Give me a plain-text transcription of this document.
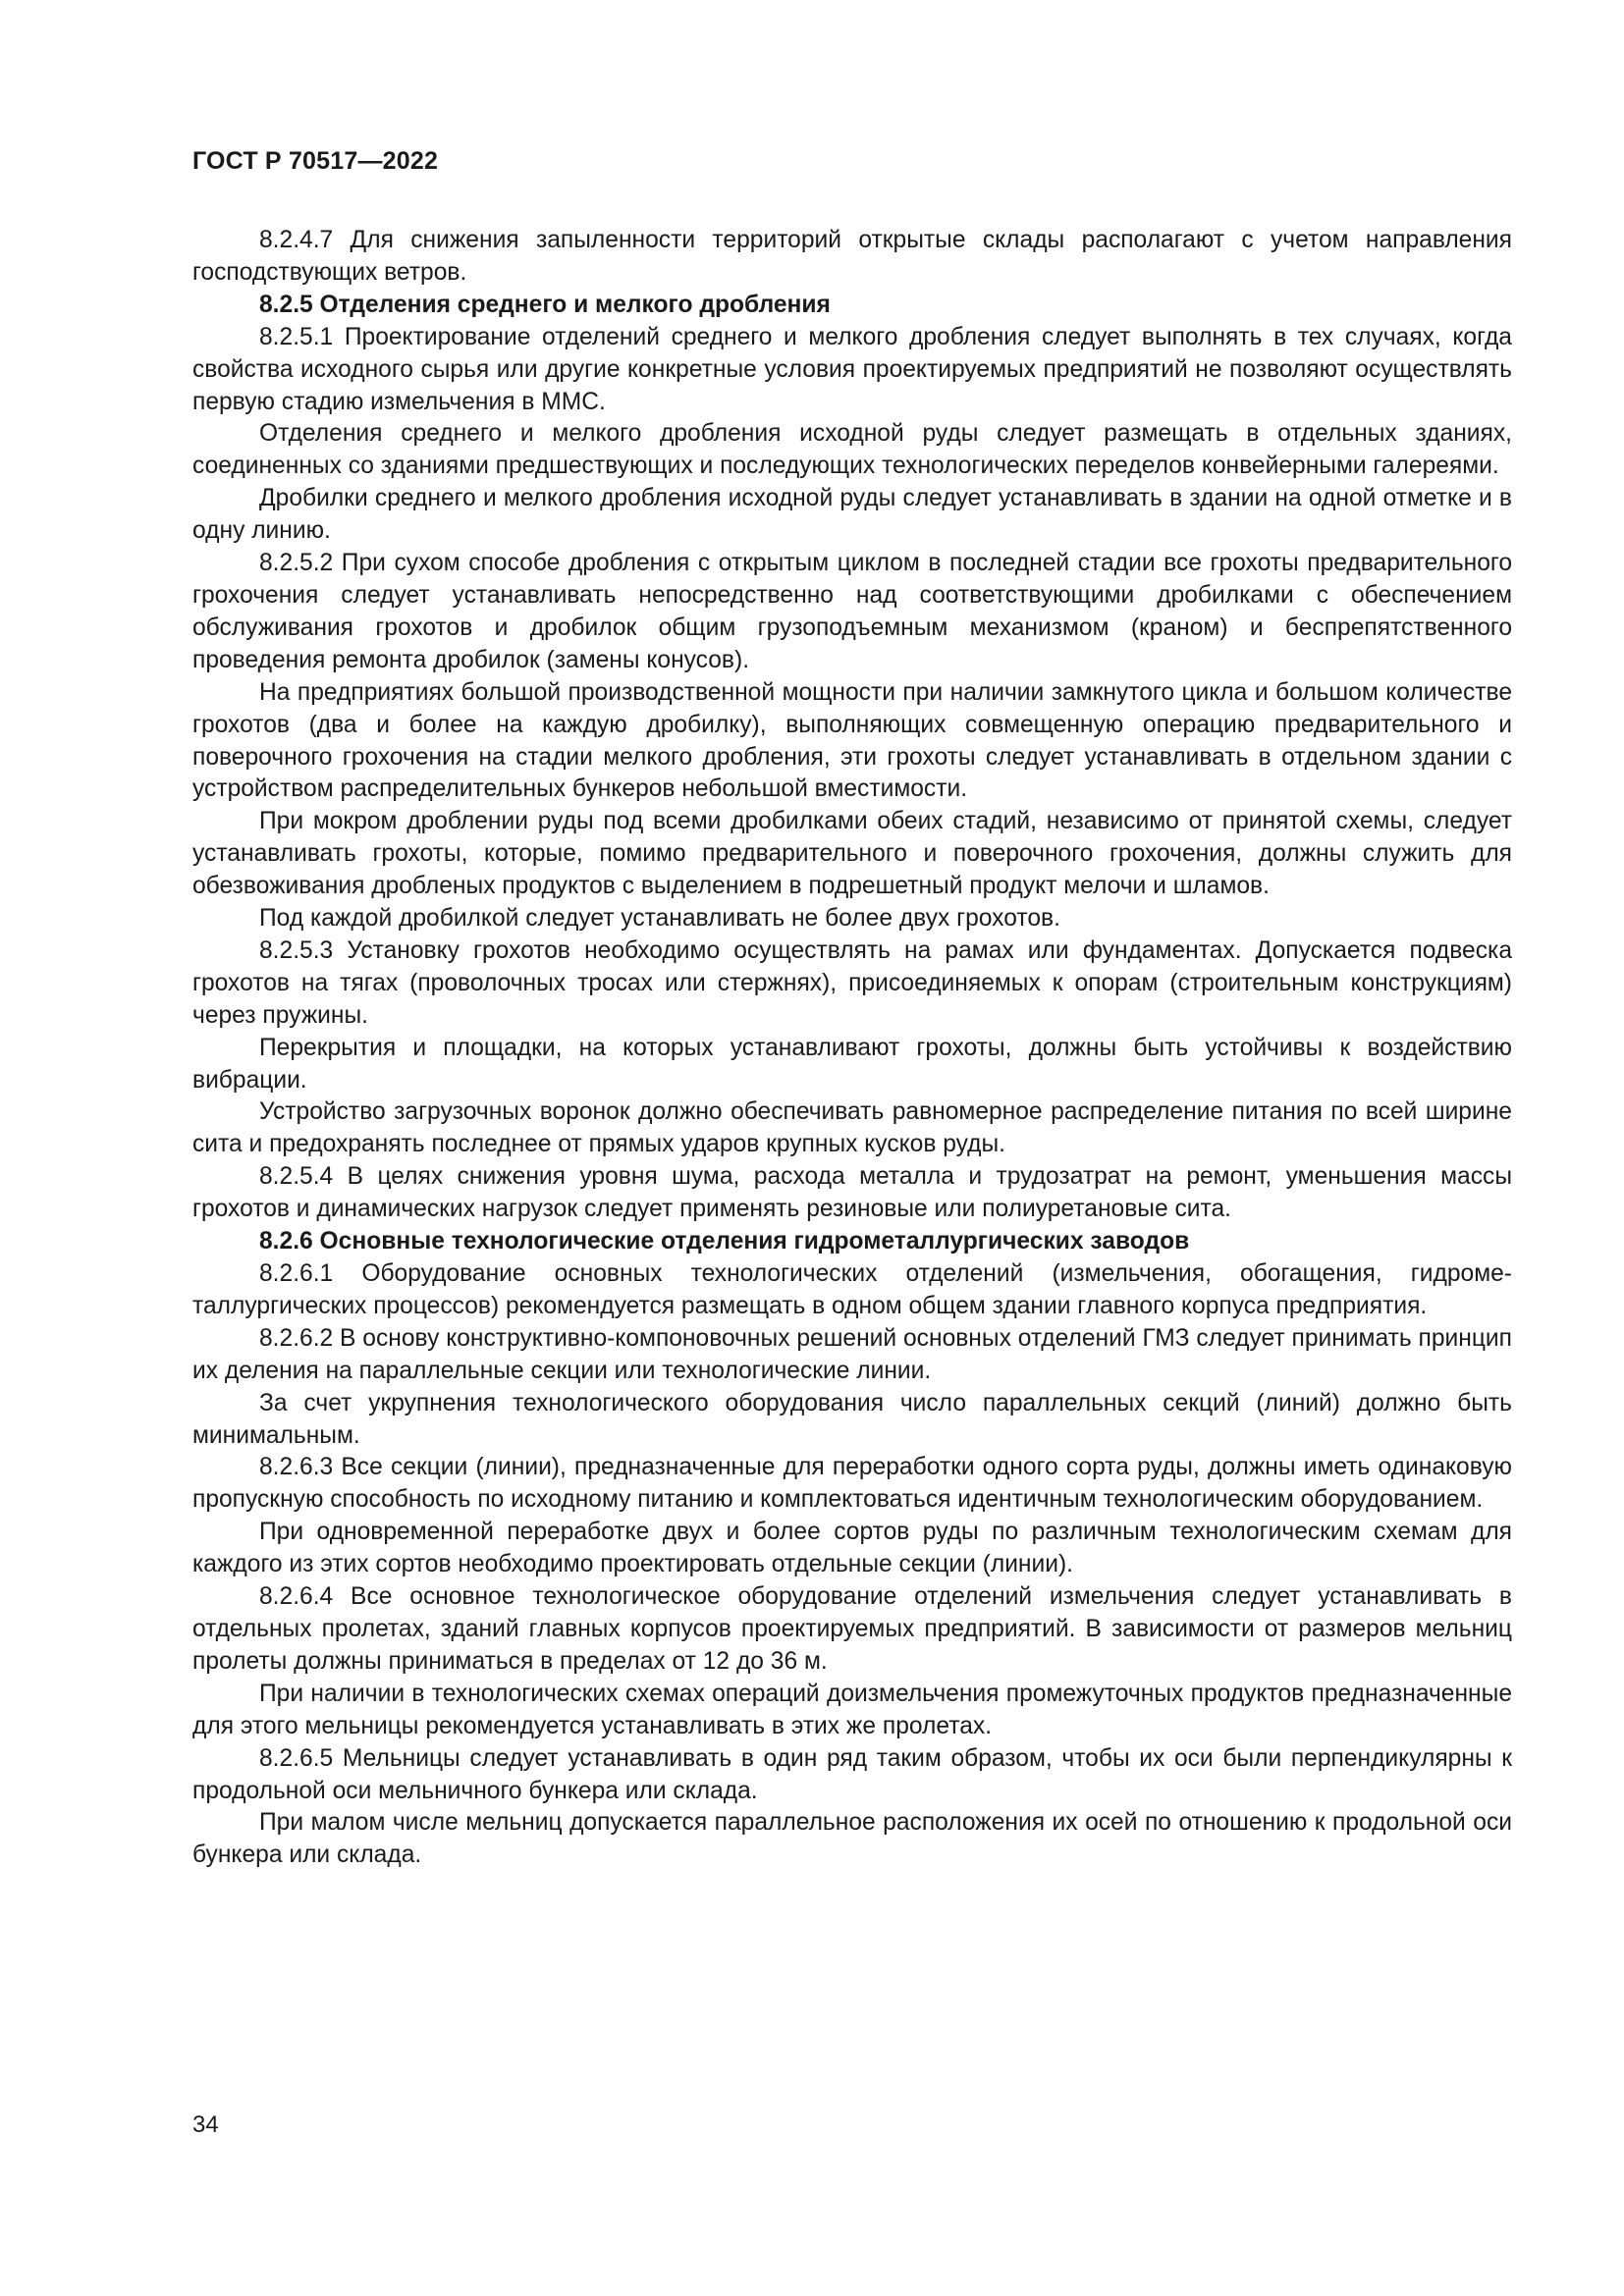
ГОСТ Р 70517—2022

8.2.4.7 Для снижения запыленности территорий открытые склады располагают с учетом направления господствующих ветров.

8.2.5 Отделения среднего и мелкого дробления

8.2.5.1 Проектирование отделений среднего и мелкого дробления следует выполнять в тех случаях, когда свойства исходного сырья или другие конкретные условия проектируемых предприятий не позволяют осуществлять первую стадию измельчения в ММС.

Отделения среднего и мелкого дробления исходной руды следует размещать в отдельных зданиях, соединенных со зданиями предшествующих и последующих технологических переделов конвейерными галереями.

Дробилки среднего и мелкого дробления исходной руды следует устанавливать в здании на одной отметке и в одну линию.

8.2.5.2 При сухом способе дробления с открытым циклом в последней стадии все грохоты предварительного грохочения следует устанавливать непосредственно над соответствующими дробилками с обеспечением обслуживания грохотов и дробилок общим грузоподъемным механизмом (краном) и беспрепятственного проведения ремонта дробилок (замены конусов).

На предприятиях большой производственной мощности при наличии замкнутого цикла и большом количестве грохотов (два и более на каждую дробилку), выполняющих совмещенную операцию предварительного и поверочного грохочения на стадии мелкого дробления, эти грохоты следует устанавливать в отдельном здании с устройством распределительных бункеров небольшой вместимости.

При мокром дроблении руды под всеми дробилками обеих стадий, независимо от принятой схемы, следует устанавливать грохоты, которые, помимо предварительного и поверочного грохочения, должны служить для обезвоживания дробленых продуктов с выделением в подрешетный продукт мелочи и шламов.

Под каждой дробилкой следует устанавливать не более двух грохотов.

8.2.5.3 Установку грохотов необходимо осуществлять на рамах или фундаментах. Допускается подвеска грохотов на тягах (проволочных тросах или стержнях), присоединяемых к опорам (строительным конструкциям) через пружины.

Перекрытия и площадки, на которых устанавливают грохоты, должны быть устойчивы к воздействию вибрации.

Устройство загрузочных воронок должно обеспечивать равномерное распределение питания по всей ширине сита и предохранять последнее от прямых ударов крупных кусков руды.

8.2.5.4 В целях снижения уровня шума, расхода металла и трудозатрат на ремонт, уменьшения массы грохотов и динамических нагрузок следует применять резиновые или полиуретановые сита.

8.2.6 Основные технологические отделения гидрометаллургических заводов

8.2.6.1 Оборудование основных технологических отделений (измельчения, обогащения, гидрометаллургических процессов) рекомендуется размещать в одном общем здании главного корпуса предприятия.

8.2.6.2 В основу конструктивно-компоновочных решений основных отделений ГМЗ следует принимать принцип их деления на параллельные секции или технологические линии.

За счет укрупнения технологического оборудования число параллельных секций (линий) должно быть минимальным.

8.2.6.3 Все секции (линии), предназначенные для переработки одного сорта руды, должны иметь одинаковую пропускную способность по исходному питанию и комплектоваться идентичным технологическим оборудованием.

При одновременной переработке двух и более сортов руды по различным технологическим схемам для каждого из этих сортов необходимо проектировать отдельные секции (линии).

8.2.6.4 Все основное технологическое оборудование отделений измельчения следует устанавливать в отдельных пролетах, зданий главных корпусов проектируемых предприятий. В зависимости от размеров мельниц пролеты должны приниматься в пределах от 12 до 36 м.

При наличии в технологических схемах операций доизмельчения промежуточных продуктов предназначенные для этого мельницы рекомендуется устанавливать в этих же пролетах.

8.2.6.5 Мельницы следует устанавливать в один ряд таким образом, чтобы их оси были перпендикулярны к продольной оси мельничного бункера или склада.

При малом числе мельниц допускается параллельное расположения их осей по отношению к продольной оси бункера или склада.

34
